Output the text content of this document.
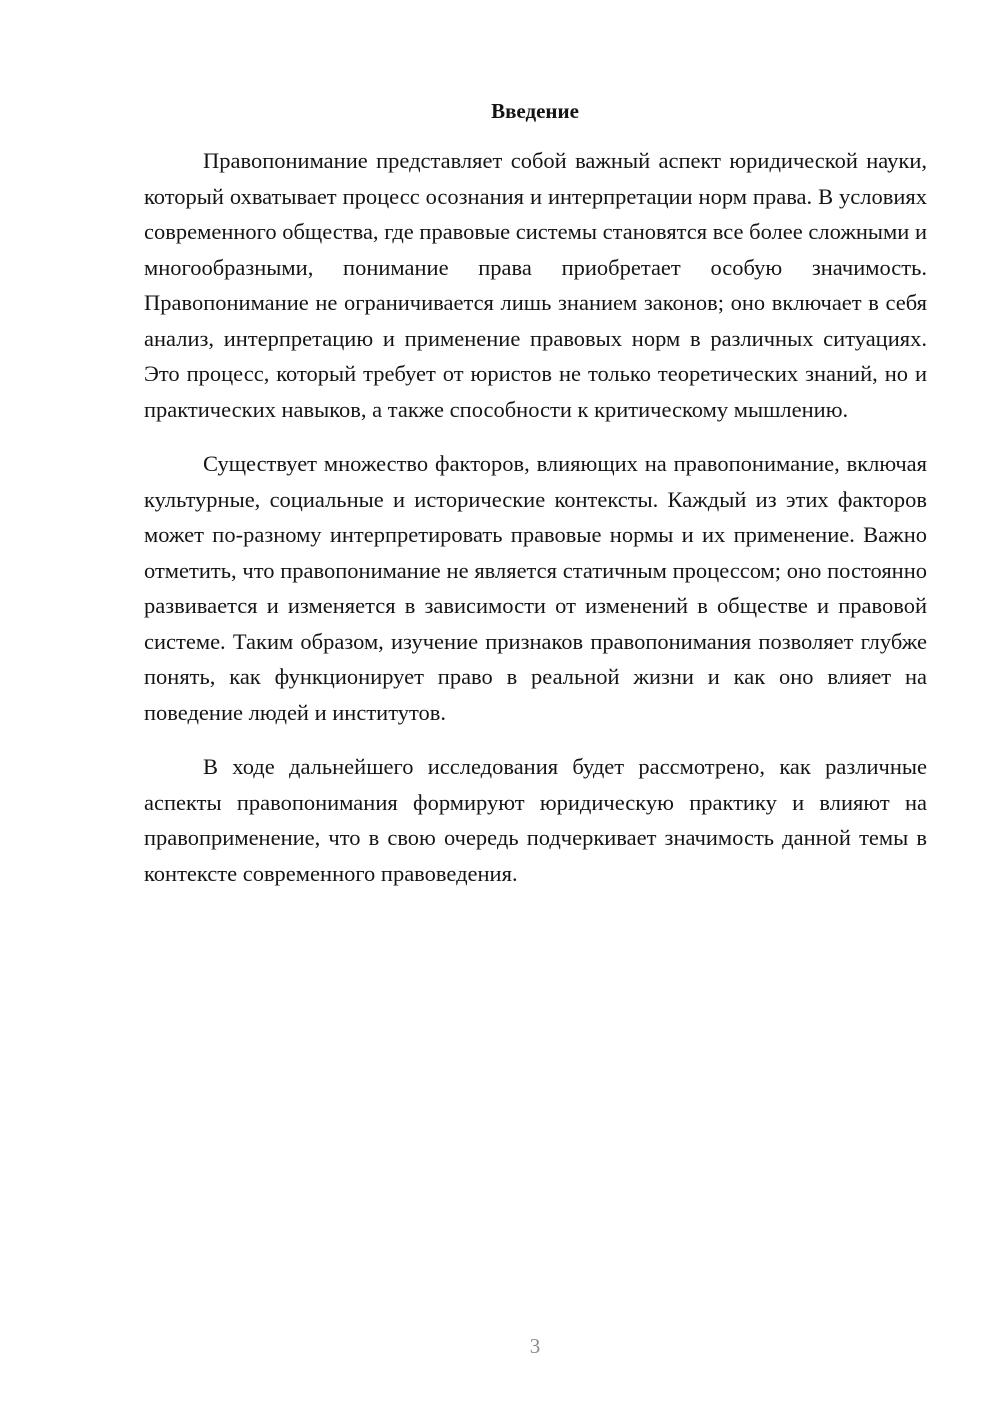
Введение

Правопонимание представляет собой важный аспект юридической науки, который охватывает процесс осознания и интерпретации норм права. В условиях современного общества, где правовые системы становятся все более сложными и многообразными, понимание права приобретает особую значимость. Правопонимание не ограничивается лишь знанием законов; оно включает в себя анализ, интерпретацию и применение правовых норм в различных ситуациях. Это процесс, который требует от юристов не только теоретических знаний, но и практических навыков, а также способности к критическому мышлению.

Существует множество факторов, влияющих на правопонимание, включая культурные, социальные и исторические контексты. Каждый из этих факторов может по-разному интерпретировать правовые нормы и их применение. Важно отметить, что правопонимание не является статичным процессом; оно постоянно развивается и изменяется в зависимости от изменений в обществе и правовой системе. Таким образом, изучение признаков правопонимания позволяет глубже понять, как функционирует право в реальной жизни и как оно влияет на поведение людей и институтов.

В ходе дальнейшего исследования будет рассмотрено, как различные аспекты правопонимания формируют юридическую практику и влияют на правоприменение, что в свою очередь подчеркивает значимость данной темы в контексте современного правоведения.

3
